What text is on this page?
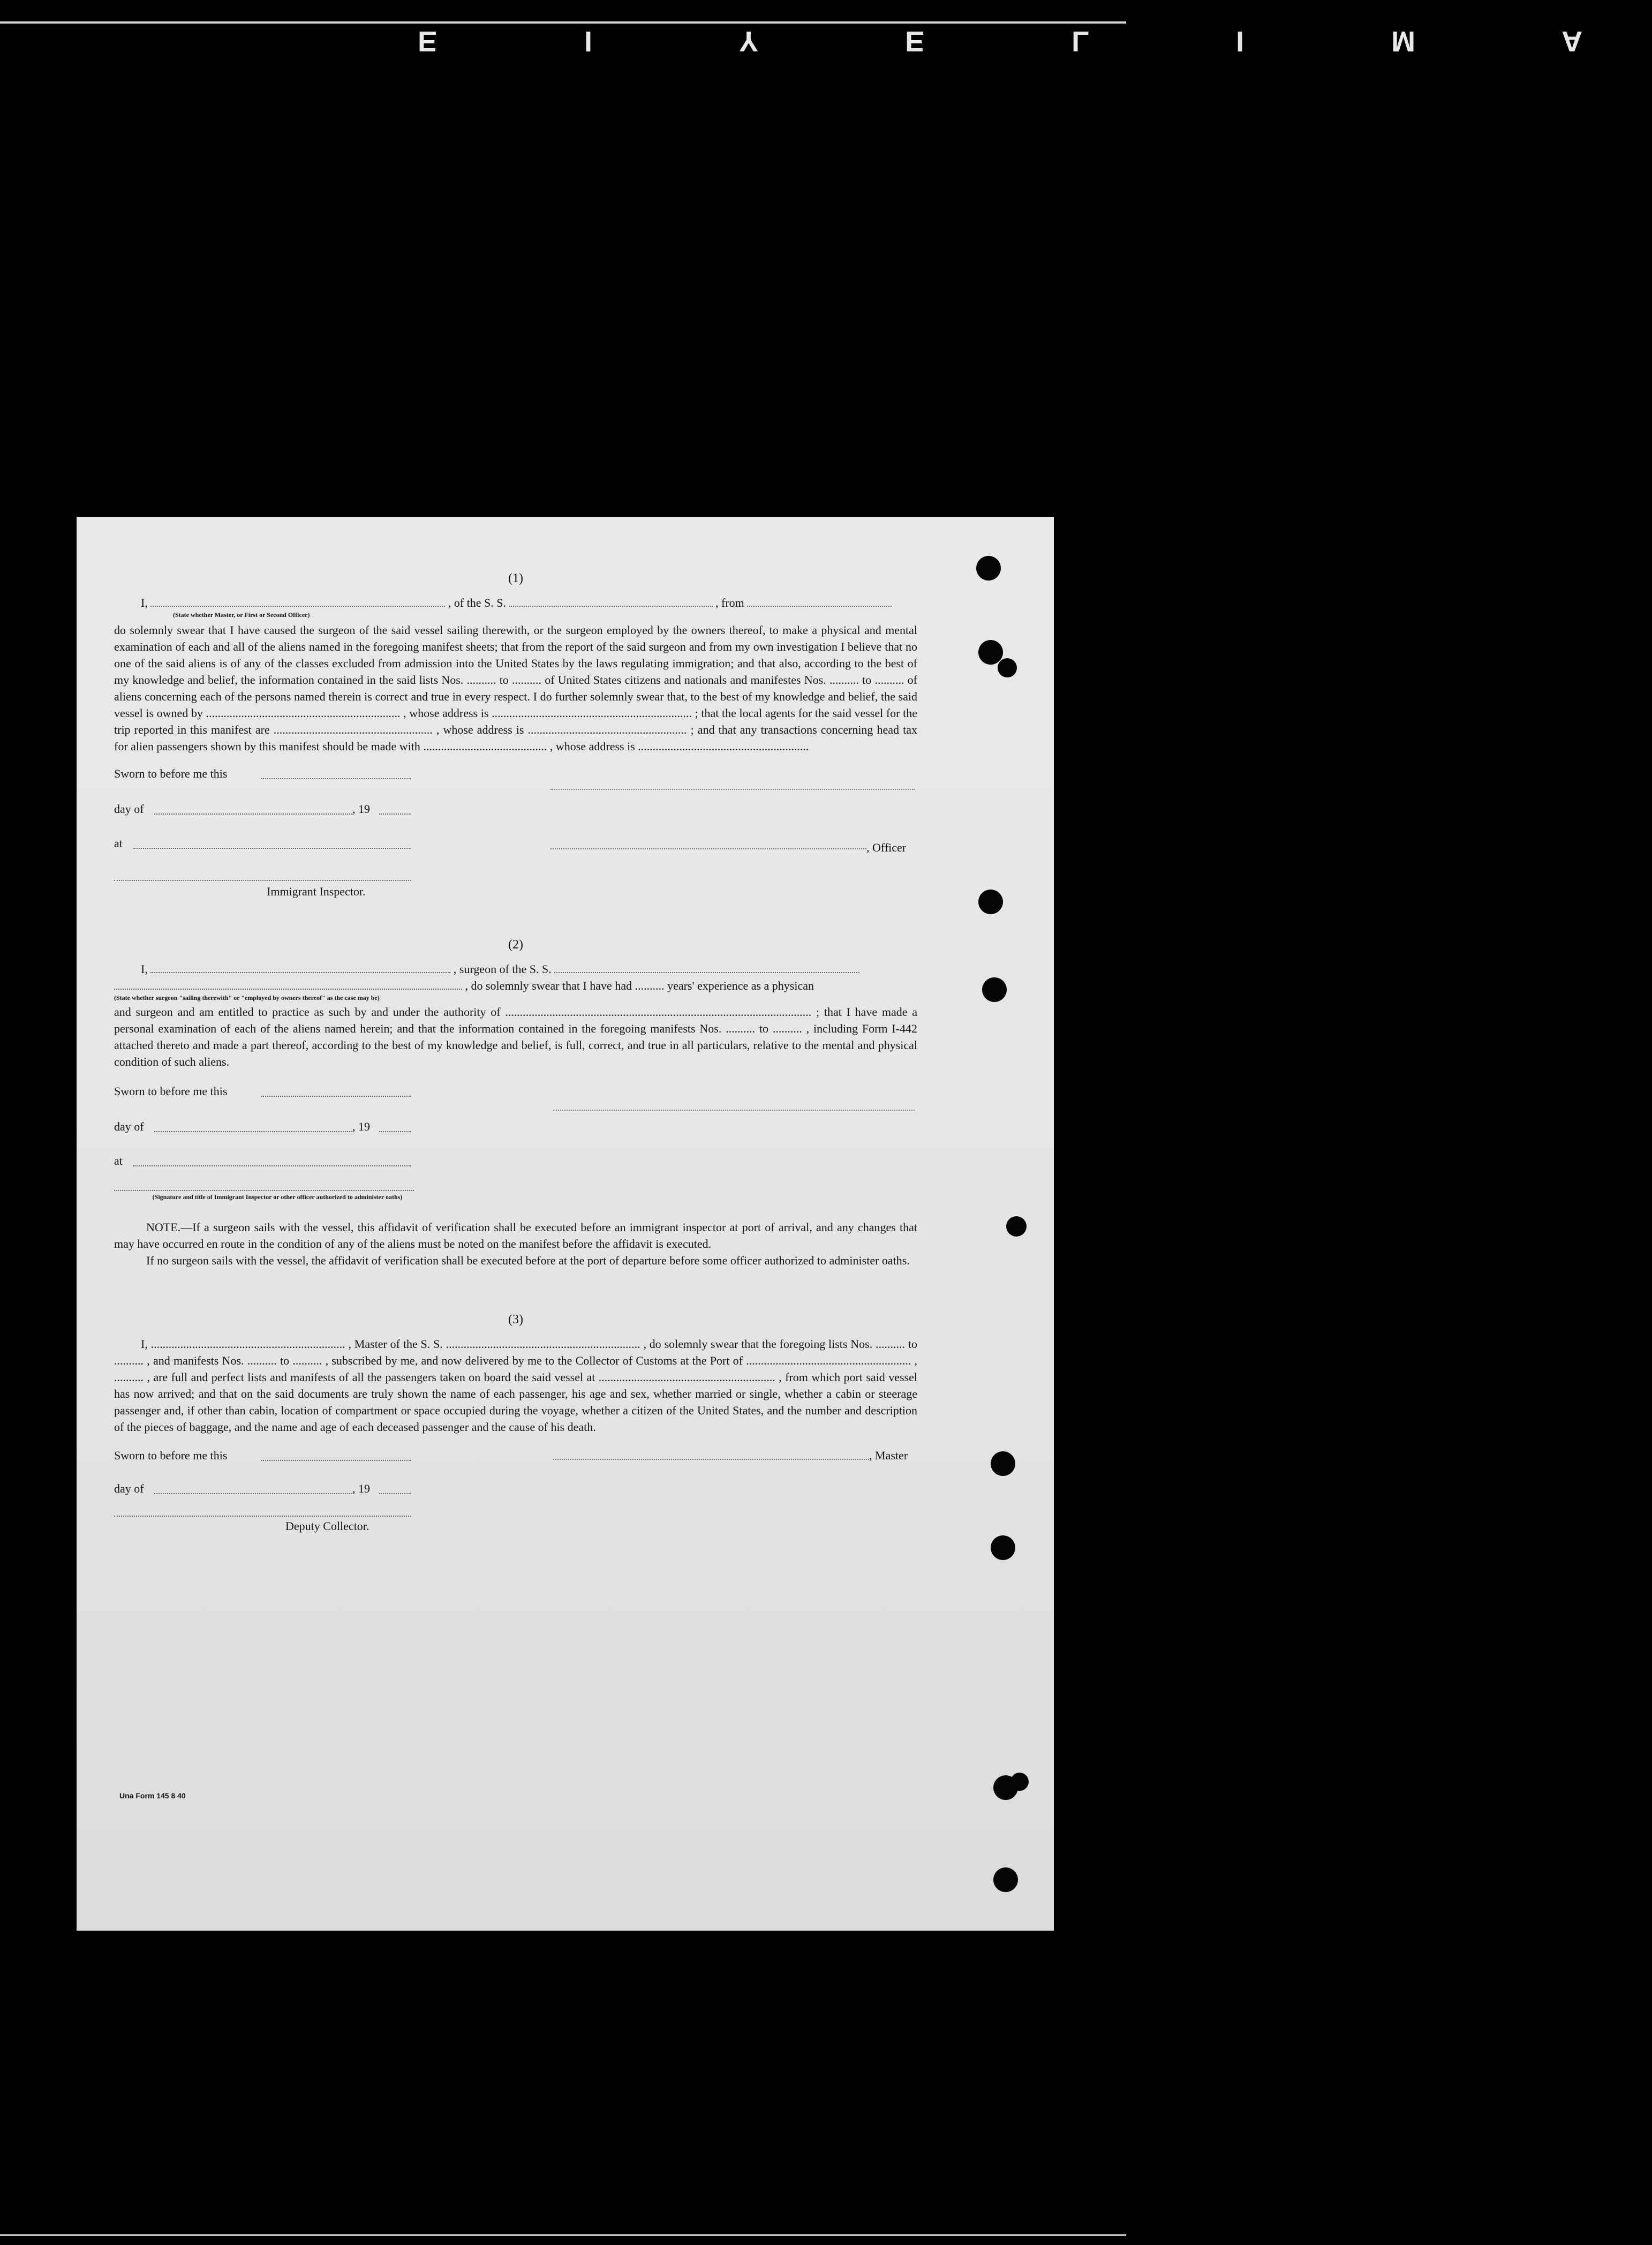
E I Y E L I M A
(1)
I,	, of the S. S.	, from
(State whether Master, or First or Second Officer)

do solemnly swear that I have caused the surgeon of the said vessel sailing therewith, or the surgeon employed by the owners thereof, to make a physical and mental examination of each and all of the aliens named in the foregoing manifest sheets; that from the report of the said surgeon and from my own investigation I believe that no one of the said aliens is of any of the classes excluded from admission into the United States by the laws regulating immigration; and that also, according to the best of my knowledge and belief, the information contained in the said lists Nos. .......... to .......... of United States citizens and nationals and manifestes Nos. .......... to .......... of aliens concerning each of the persons named therein is correct and true in every respect. I do further solemnly swear that, to the best of my knowledge and belief, the said vessel is owned by .................................................................. , whose address is .................................................................... ; that the local agents for the said vessel for the trip reported in this manifest are ...................................................... , whose address is ...................................................... ; and that any transactions concerning head tax for alien passengers shown by this manifest should be made with .......................................... , whose address is ..........................................................

Sworn to before me this
day of	, 19
at	, Officer
Immigrant Inspector.
(2)
I,	, surgeon of the S. S.
, do solemnly swear that I have had .......... years' experience as a physican
(State whether surgeon "sailing therewith" or "employed by owners thereof" as the case may be)

and surgeon and am entitled to practice as such by and under the authority of ........................................................................................................ ; that I have made a personal examination of each of the aliens named herein; and that the information contained in the foregoing manifests Nos. .......... to .......... , including Form I-442 attached thereto and made a part thereof, according to the best of my knowledge and belief, is full, correct, and true in all particulars, relative to the mental and physical condition of such aliens.

Sworn to before me this
day of	, 19
at
(Signature and title of Immigrant Inspector or other officer authorized to administer oaths)

NOTE.—If a surgeon sails with the vessel, this affidavit of verification shall be executed before an immigrant inspector at port of arrival, and any changes that may have occurred en route in the condition of any of the aliens must be noted on the manifest before the affidavit is executed.

If no surgeon sails with the vessel, the affidavit of verification shall be executed before at the port of departure before some officer authorized to administer oaths.

(3)

I, .................................................................. , Master of the S. S. .................................................................. , do solemnly swear that the foregoing lists Nos. .......... to .......... , and manifests Nos. .......... to .......... , subscribed by me, and now delivered by me to the Collector of Customs at the Port of ........................................................ , .......... , are full and perfect lists and manifests of all the passengers taken on board the said vessel at ............................................................ , from which port said vessel has now arrived; and that on the said documents are truly shown the name of each passenger, his age and sex, whether married or single, whether a cabin or steerage passenger and, if other than cabin, location of compartment or space occupied during the voyage, whether a citizen of the United States, and the number and description of the pieces of baggage, and the name and age of each deceased passenger and the cause of his death.

Sworn to before me this	, Master
day of	, 19
Deputy Collector.
Una Form 145 8 40
